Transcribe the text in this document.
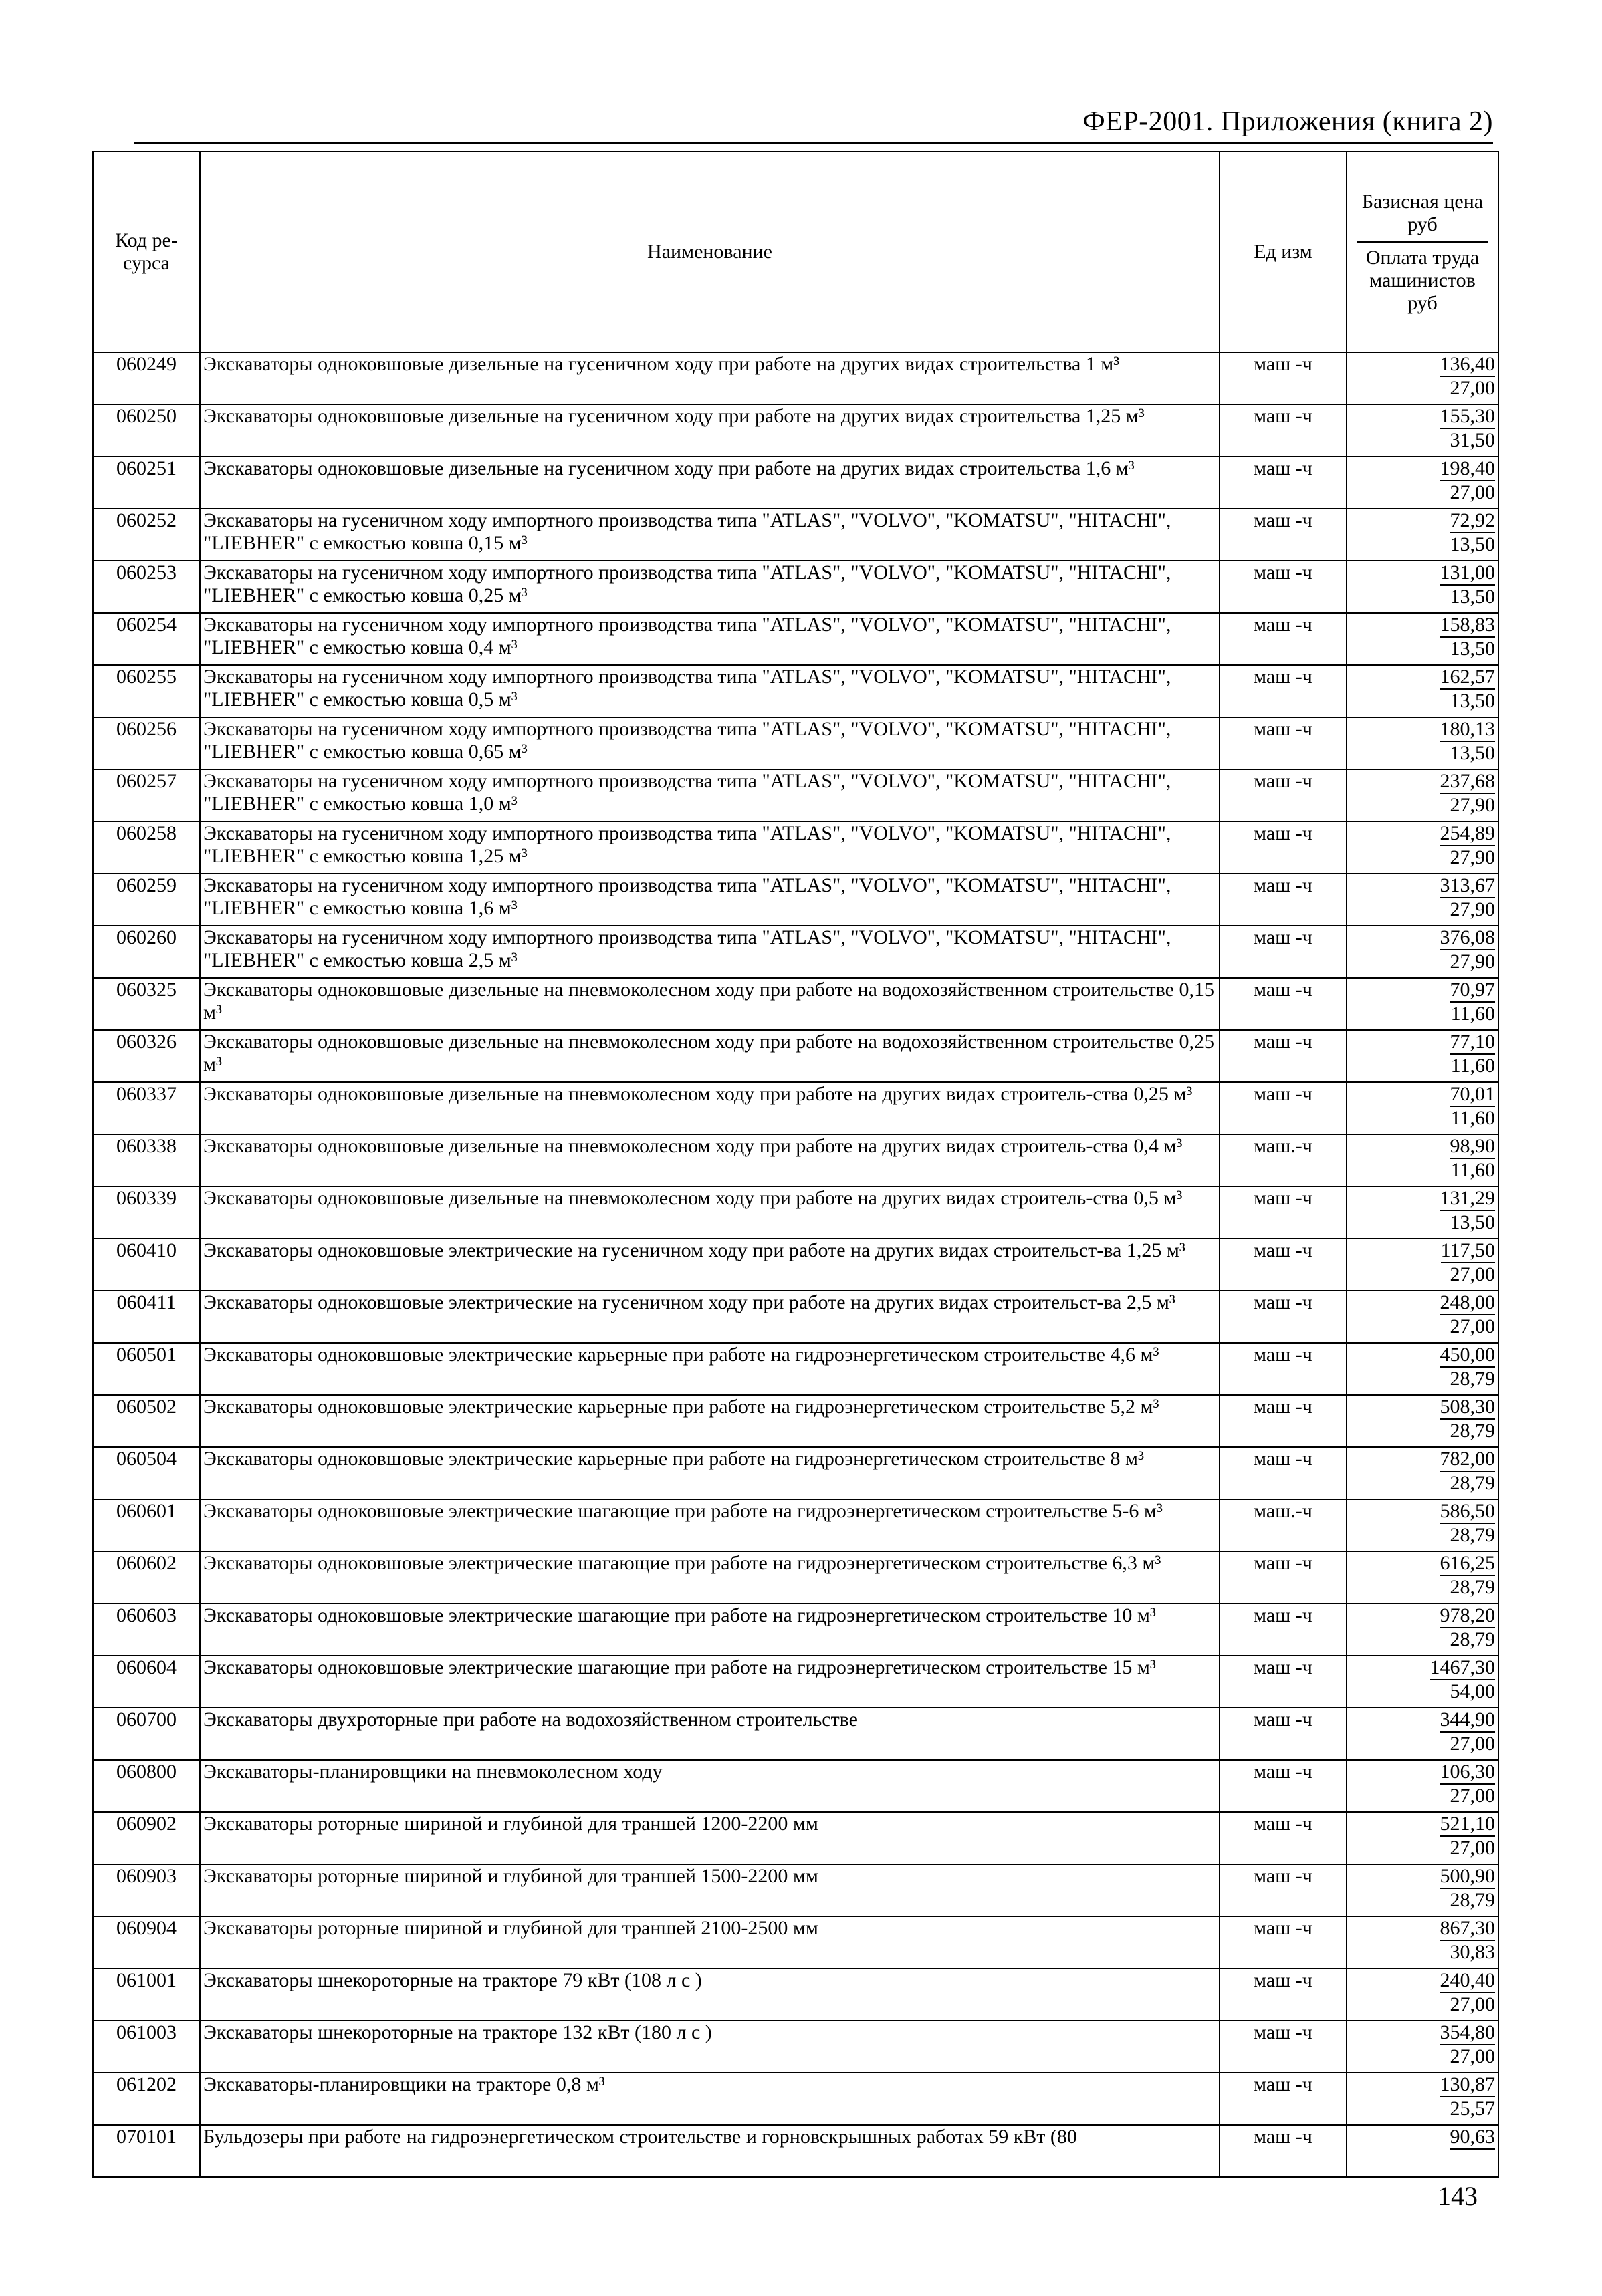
ФЕР-2001. Приложения (книга 2)
Код ре-сурса	Наименование	Ед изм	Базисная цена руб
Оплата труда машинистов руб

060249	Экскаваторы одноковшовые дизельные на гусеничном ходу при работе на других видах строительства 1 м³	маш -ч	136,40
27,00

060250	Экскаваторы одноковшовые дизельные на гусеничном ходу при работе на других видах строительства 1,25 м³	маш -ч	155,30
31,50

060251	Экскаваторы одноковшовые дизельные на гусеничном ходу при работе на других видах строительства 1,6 м³	маш -ч	198,40
27,00

060252	Экскаваторы на гусеничном ходу импортного производства типа "ATLAS", "VOLVO", "KOMATSU", "HITACHI", "LIEBHER" с емкостью ковша 0,15 м³	маш -ч	72,92
13,50

060253	Экскаваторы на гусеничном ходу импортного производства типа "ATLAS", "VOLVO", "KOMATSU", "HITACHI", "LIEBHER" с емкостью ковша 0,25 м³	маш -ч	131,00
13,50

060254	Экскаваторы на гусеничном ходу импортного производства типа "ATLAS", "VOLVO", "KOMATSU", "HITACHI", "LIEBHER" с емкостью ковша 0,4 м³	маш -ч	158,83
13,50

060255	Экскаваторы на гусеничном ходу импортного производства типа "ATLAS", "VOLVO", "KOMATSU", "HITACHI", "LIEBHER" с емкостью ковша 0,5 м³	маш -ч	162,57
13,50

060256	Экскаваторы на гусеничном ходу импортного производства типа "ATLAS", "VOLVO", "KOMATSU", "HITACHI", "LIEBHER" с емкостью ковша 0,65 м³	маш -ч	180,13
13,50

060257	Экскаваторы на гусеничном ходу импортного производства типа "ATLAS", "VOLVO", "KOMATSU", "HITACHI", "LIEBHER" с емкостью ковша 1,0 м³	маш -ч	237,68
27,90

060258	Экскаваторы на гусеничном ходу импортного производства типа "ATLAS", "VOLVO", "KOMATSU", "HITACHI", "LIEBHER" с емкостью ковша 1,25 м³	маш -ч	254,89
27,90

060259	Экскаваторы на гусеничном ходу импортного производства типа "ATLAS", "VOLVO", "KOMATSU", "HITACHI", "LIEBHER" с емкостью ковша 1,6 м³	маш -ч	313,67
27,90

060260	Экскаваторы на гусеничном ходу импортного производства типа "ATLAS", "VOLVO", "KOMATSU", "HITACHI", "LIEBHER" с емкостью ковша 2,5 м³	маш -ч	376,08
27,90

060325	Экскаваторы одноковшовые дизельные на пневмоколесном ходу при работе на водохозяйственном строительстве 0,15 м³	маш -ч	70,97
11,60

060326	Экскаваторы одноковшовые дизельные на пневмоколесном ходу при работе на водохозяйственном строительстве 0,25 м³	маш -ч	77,10
11,60

060337	Экскаваторы одноковшовые дизельные на пневмоколесном ходу при работе на других видах строитель-ства 0,25 м³	маш -ч	70,01
11,60

060338	Экскаваторы одноковшовые дизельные на пневмоколесном ходу при работе на других видах строитель-ства 0,4 м³	маш.-ч	98,90
11,60

060339	Экскаваторы одноковшовые дизельные на пневмоколесном ходу при работе на других видах строитель-ства 0,5 м³	маш -ч	131,29
13,50

060410	Экскаваторы одноковшовые электрические на гусеничном ходу при работе на других видах строительст-ва 1,25 м³	маш -ч	117,50
27,00

060411	Экскаваторы одноковшовые электрические на гусеничном ходу при работе на других видах строительст-ва 2,5 м³	маш -ч	248,00
27,00

060501	Экскаваторы одноковшовые электрические карьерные при работе на гидроэнергетическом строительстве 4,6 м³	маш -ч	450,00
28,79

060502	Экскаваторы одноковшовые электрические карьерные при работе на гидроэнергетическом строительстве 5,2 м³	маш -ч	508,30
28,79

060504	Экскаваторы одноковшовые электрические карьерные при работе на гидроэнергетическом строительстве 8 м³	маш -ч	782,00
28,79

060601	Экскаваторы одноковшовые электрические шагающие при работе на гидроэнергетическом строительстве 5-6 м³	маш.-ч	586,50
28,79

060602	Экскаваторы одноковшовые электрические шагающие при работе на гидроэнергетическом строительстве 6,3 м³	маш -ч	616,25
28,79

060603	Экскаваторы одноковшовые электрические шагающие при работе на гидроэнергетическом строительстве 10 м³	маш -ч	978,20
28,79

060604	Экскаваторы одноковшовые электрические шагающие при работе на гидроэнергетическом строительстве 15 м³	маш -ч	1467,30
54,00

060700	Экскаваторы двухроторные при работе на водохозяйственном строительстве	маш -ч	344,90
27,00

060800	Экскаваторы-планировщики на пневмоколесном ходу	маш -ч	106,30
27,00

060902	Экскаваторы роторные шириной и глубиной для траншей 1200-2200 мм	маш -ч	521,10
27,00

060903	Экскаваторы роторные шириной и глубиной для траншей 1500-2200 мм	маш -ч	500,90
28,79

060904	Экскаваторы роторные шириной и глубиной для траншей 2100-2500 мм	маш -ч	867,30
30,83

061001	Экскаваторы шнекороторные на тракторе 79 кВт (108 л с )	маш -ч	240,40
27,00

061003	Экскаваторы шнекороторные на тракторе 132 кВт (180 л с )	маш -ч	354,80
27,00

061202	Экскаваторы-планировщики на тракторе 0,8 м³	маш -ч	130,87
25,57

070101	Бульдозеры при работе на гидроэнергетическом строительстве и горновскрышных работах 59 кВт (80	маш -ч	90,63
143
